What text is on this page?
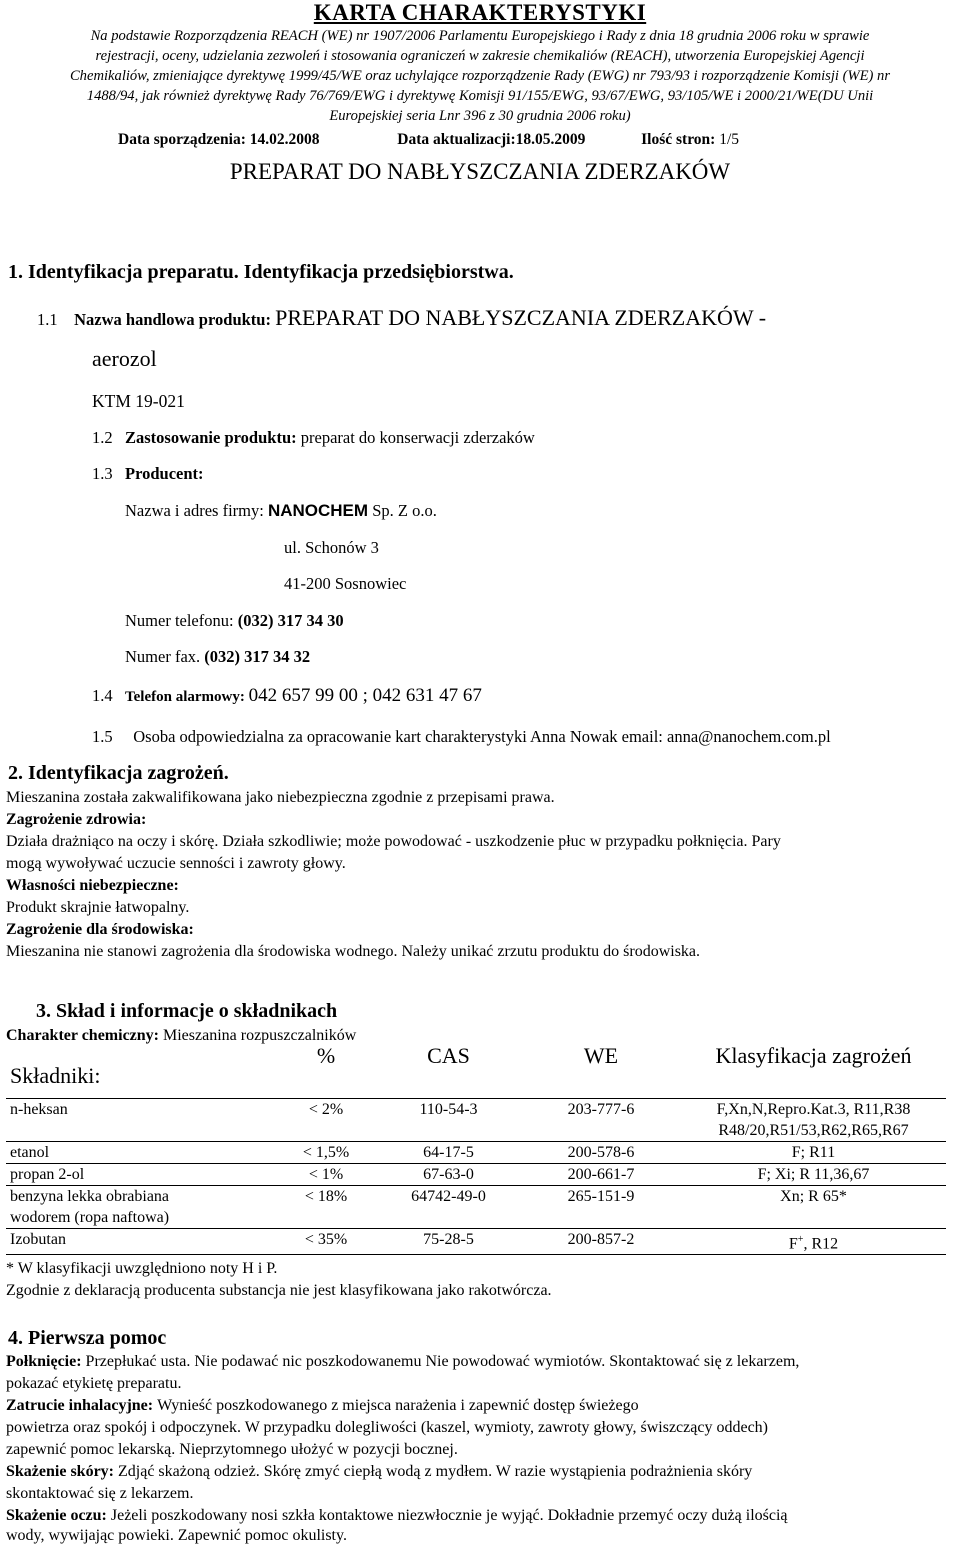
KARTA CHARAKTERYSTYKI
Na podstawie Rozporządzenia REACH (WE) nr 1907/2006 Parlamentu Europejskiego i Rady z dnia 18 grudnia 2006 roku w sprawie
rejestracji, oceny, udzielania zezwoleń i stosowania ograniczeń w zakresie chemikaliów (REACH), utworzenia Europejskiej Agencji
Chemikaliów, zmieniające dyrektywę 1999/45/WE oraz uchylające rozporządzenie Rady (EWG) nr 793/93 i rozporządzenie Komisji (WE) nr
1488/94, jak również dyrektywę Rady 76/769/EWG i dyrektywę Komisji 91/155/EWG, 93/67/EWG, 93/105/WE i 2000/21/WE(DU Unii
Europejskiej seria Lnr 396 z 30 grudnia 2006 roku)
Data sporządzenia: 14.02.2008	Data aktualizacji:18.05.2009	Ilość stron: 1/5
PREPARAT DO NABŁYSZCZANIA ZDERZAKÓW
1. Identyfikacja preparatu. Identyfikacja przedsiębiorstwa.
1.1 Nazwa handlowa produktu: PREPARAT DO NABŁYSZCZANIA ZDERZAKÓW -
aerozol
KTM 19-021
1.2 Zastosowanie produktu: preparat do konserwacji zderzaków
1.3 Producent:
Nazwa i adres firmy: NANOCHEM Sp. Z o.o.
ul. Schonów 3
41-200 Sosnowiec
Numer telefonu: (032) 317 34 30
Numer fax. (032) 317 34 32
1.4 Telefon alarmowy: 042 657 99 00 ; 042 631 47 67
1.5 Osoba odpowiedzialna za opracowanie kart charakterystyki Anna Nowak email: anna@nanochem.com.pl
2. Identyfikacja zagrożeń.
Mieszanina została zakwalifikowana jako niebezpieczna zgodnie z przepisami prawa.
Zagrożenie zdrowia:
Działa drażniąco na oczy i skórę. Działa szkodliwie; może powodować - uszkodzenie płuc w przypadku połknięcia. Pary
mogą wywoływać uczucie senności i zawroty głowy.
Własności niebezpieczne:
Produkt skrajnie łatwopalny.
Zagrożenie dla środowiska:
Mieszanina nie stanowi zagrożenia dla środowiska wodnego. Należy unikać zrzutu produktu do środowiska.
3. Skład i informacje o składnikach
Charakter chemiczny: Mieszanina rozpuszczalników
Składniki:	%	CAS	WE	Klasyfikacja zagrożeń

n-heksan	< 2%	110-54-3	203-777-6	F,Xn,N,Repro.Kat.3, R11,R38
R48/20,R51/53,R62,R65,R67
etanol	< 1,5%	64-17-5	200-578-6	F; R11
propan 2-ol	< 1%	67-63-0	200-661-7	F; Xi; R 11,36,67
benzyna lekka obrabiana
wodorem (ropa naftowa)	< 18%	64742-49-0	265-151-9	Xn; R 65*
Izobutan	< 35%	75-28-5	200-857-2	F+, R12
* W klasyfikacji uwzględniono noty H i P.
Zgodnie z deklaracją producenta substancja nie jest klasyfikowana jako rakotwórcza.
4. Pierwsza pomoc
Połknięcie: Przepłukać usta. Nie podawać nic poszkodowanemu Nie powodować wymiotów. Skontaktować się z lekarzem,
pokazać etykietę preparatu.
Zatrucie inhalacyjne: Wynieść poszkodowanego z miejsca narażenia i zapewnić dostęp świeżego
powietrza oraz spokój i odpoczynek. W przypadku dolegliwości (kaszel, wymioty, zawroty głowy, świszczący oddech)
zapewnić pomoc lekarską. Nieprzytomnego ułożyć w pozycji bocznej.
Skażenie skóry: Zdjąć skażoną odzież. Skórę zmyć ciepłą wodą z mydłem. W razie wystąpienia podrażnienia skóry
skontaktować się z lekarzem.
Skażenie oczu: Jeżeli poszkodowany nosi szkła kontaktowe niezwłocznie je wyjąć. Dokładnie przemyć oczy dużą ilością
wody, wywijając powieki. Zapewnić pomoc okulisty.
